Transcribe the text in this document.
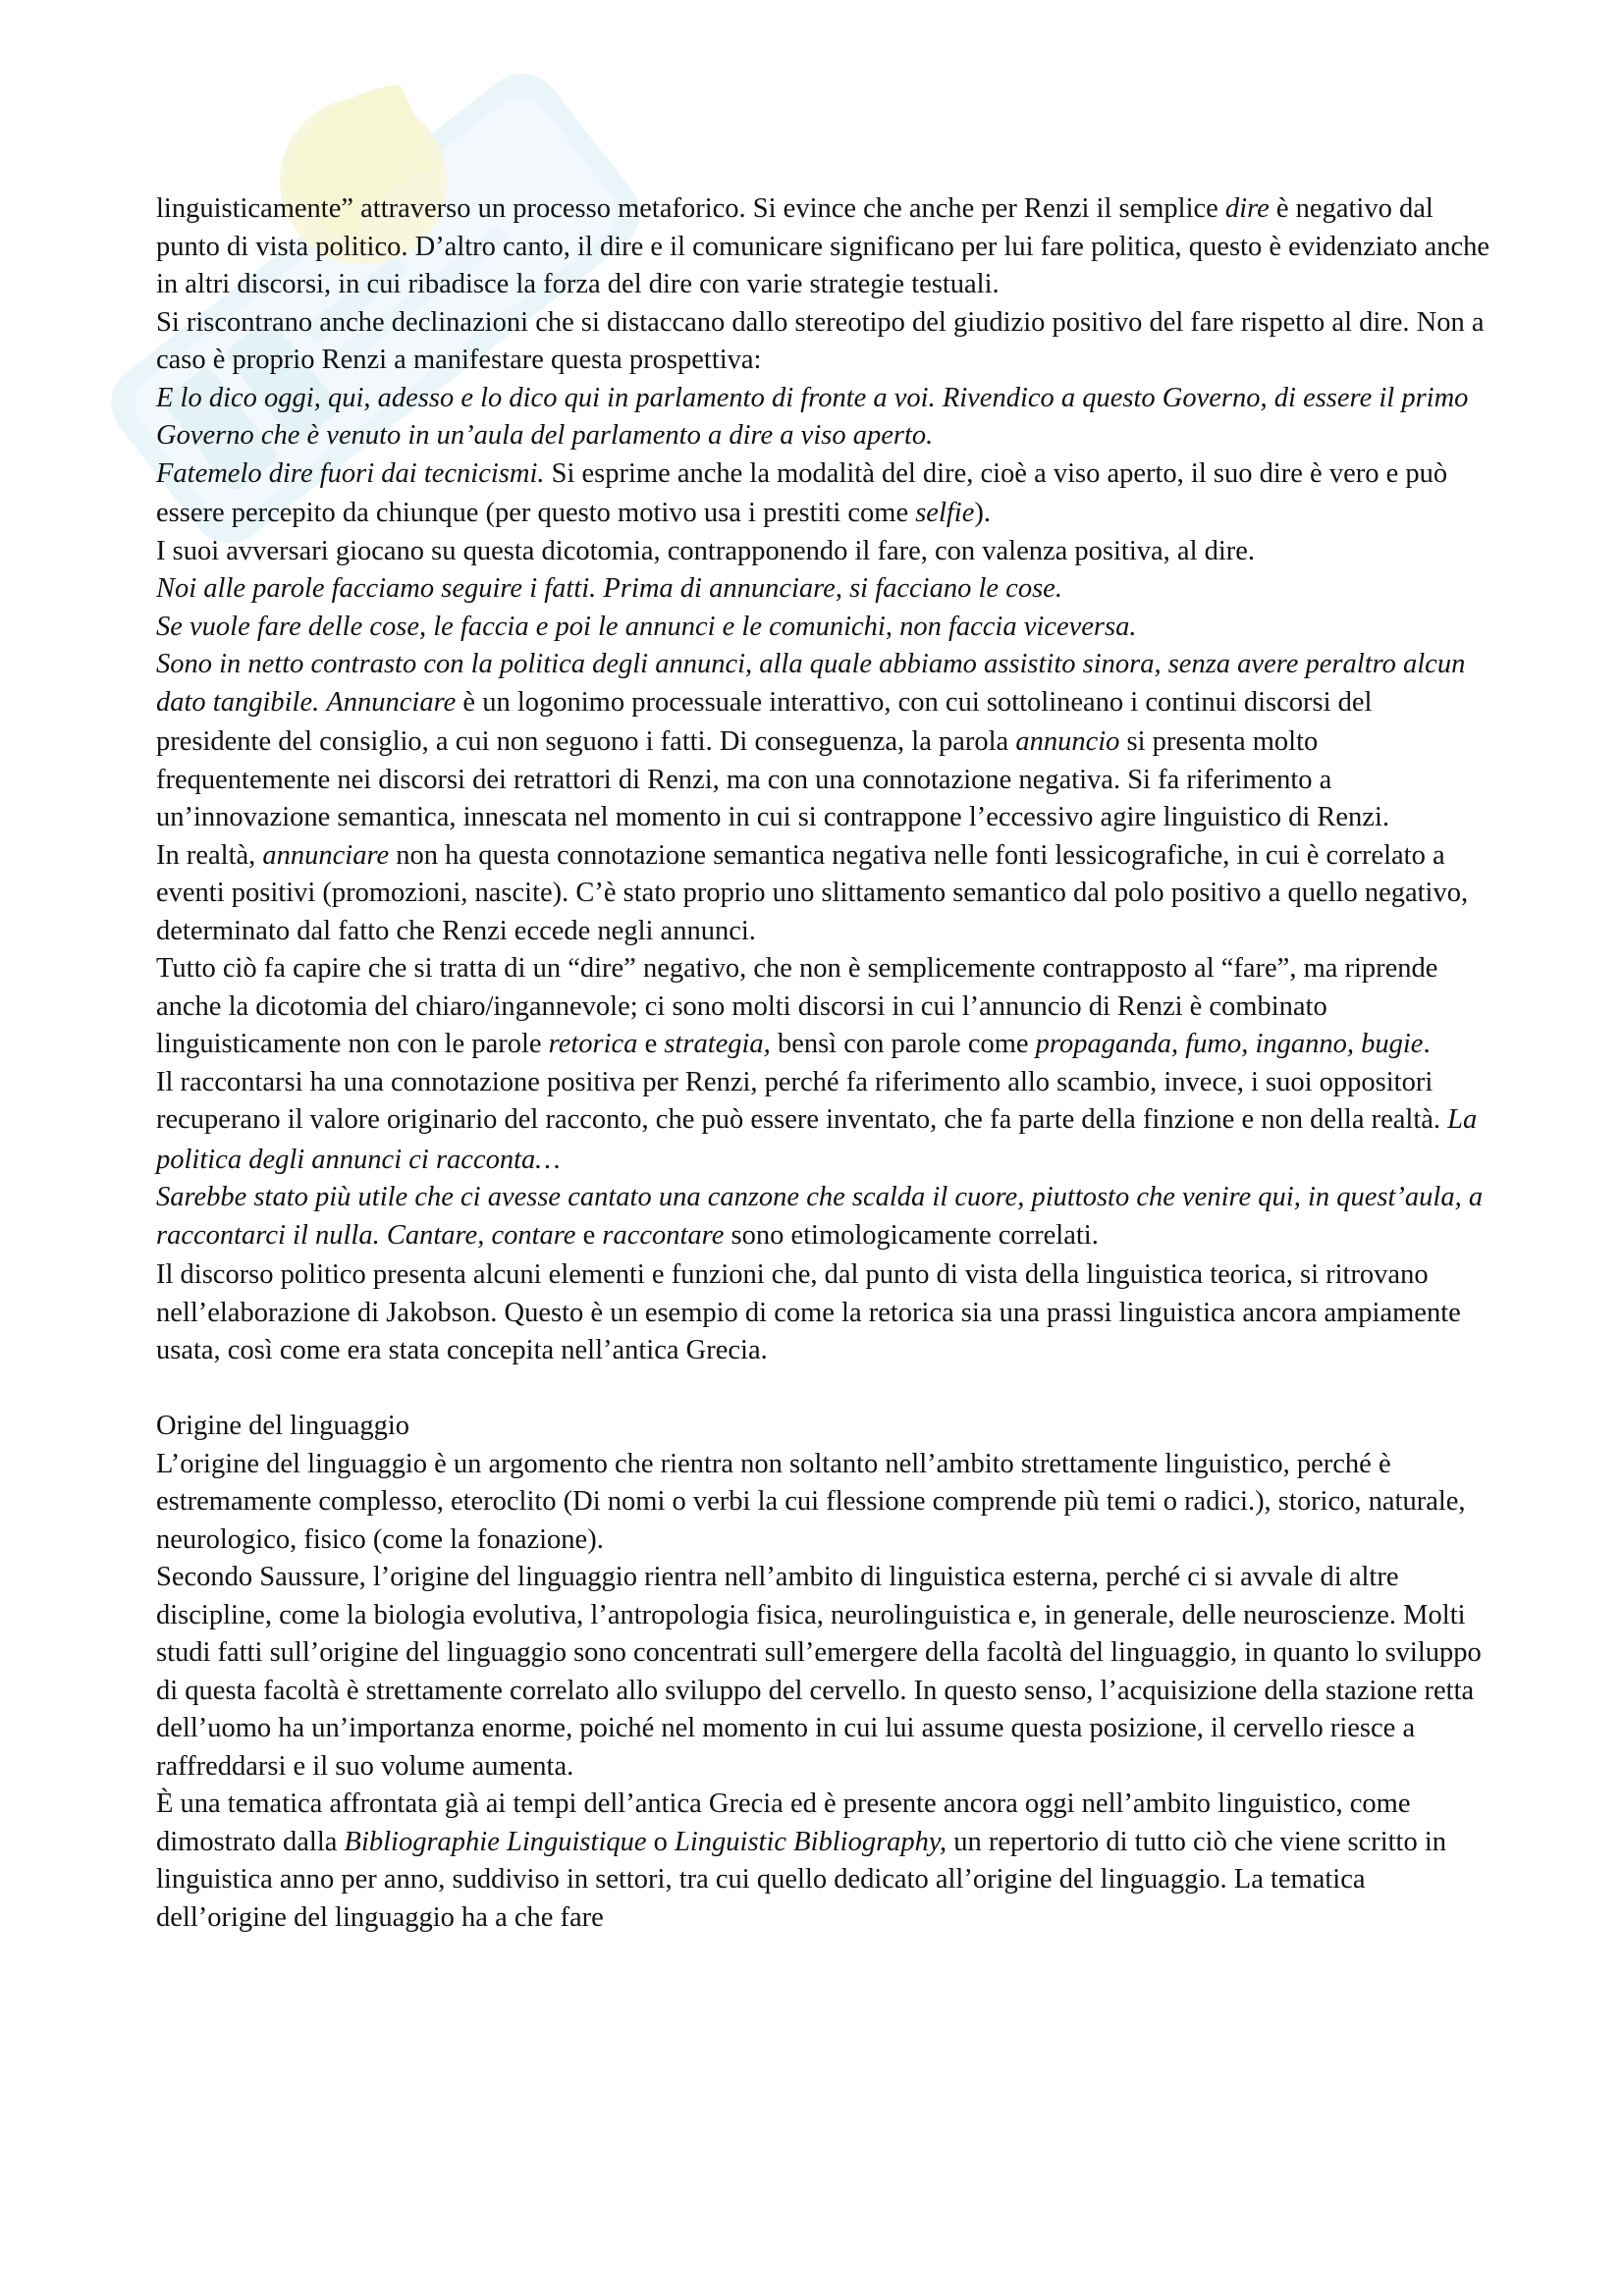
linguisticamente” attraverso un processo metaforico. Si evince che anche per Renzi il semplice dire è negativo dal punto di vista politico. D’altro canto, il dire e il comunicare significano per lui fare politica, questo è evidenziato anche in altri discorsi, in cui ribadisce la forza del dire con varie strategie testuali.

Si riscontrano anche declinazioni che si distaccano dallo stereotipo del giudizio positivo del fare rispetto al dire. Non a caso è proprio Renzi a manifestare questa prospettiva:

E lo dico oggi, qui, adesso e lo dico qui in parlamento di fronte a voi. Rivendico a questo Governo, di essere il primo Governo che è venuto in un’aula del parlamento a dire a viso aperto.

Fatemelo dire fuori dai tecnicismi. Si esprime anche la modalità del dire, cioè a viso aperto, il suo dire è vero e può essere percepito da chiunque (per questo motivo usa i prestiti come selfie).

I suoi avversari giocano su questa dicotomia, contrapponendo il fare, con valenza positiva, al dire.

Noi alle parole facciamo seguire i fatti. Prima di annunciare, si facciano le cose.

Se vuole fare delle cose, le faccia e poi le annunci e le comunichi, non faccia viceversa.

Sono in netto contrasto con la politica degli annunci, alla quale abbiamo assistito sinora, senza avere peraltro alcun dato tangibile. Annunciare è un logonimo processuale interattivo, con cui sottolineano i continui discorsi del presidente del consiglio, a cui non seguono i fatti. Di conseguenza, la parola annuncio si presenta molto frequentemente nei discorsi dei retrattori di Renzi, ma con una connotazione negativa. Si fa riferimento a un’innovazione semantica, innescata nel momento in cui si contrappone l’eccessivo agire linguistico di Renzi.

In realtà, annunciare non ha questa connotazione semantica negativa nelle fonti lessicografiche, in cui è correlato a eventi positivi (promozioni, nascite). C’è stato proprio uno slittamento semantico dal polo positivo a quello negativo, determinato dal fatto che Renzi eccede negli annunci.

Tutto ciò fa capire che si tratta di un “dire” negativo, che non è semplicemente contrapposto al “fare”, ma riprende anche la dicotomia del chiaro/ingannevole; ci sono molti discorsi in cui l’annuncio di Renzi è combinato linguisticamente non con le parole retorica e strategia, bensì con parole come propaganda, fumo, inganno, bugie.

Il raccontarsi ha una connotazione positiva per Renzi, perché fa riferimento allo scambio, invece, i suoi oppositori recuperano il valore originario del racconto, che può essere inventato, che fa parte della finzione e non della realtà. La politica degli annunci ci racconta…

Sarebbe stato più utile che ci avesse cantato una canzone che scalda il cuore, piuttosto che venire qui, in quest’aula, a raccontarci il nulla. Cantare, contare e raccontare sono etimologicamente correlati.

Il discorso politico presenta alcuni elementi e funzioni che, dal punto di vista della linguistica teorica, si ritrovano nell’elaborazione di Jakobson. Questo è un esempio di come la retorica sia una prassi linguistica ancora ampiamente usata, così come era stata concepita nell’antica Grecia.

Origine del linguaggio

L’origine del linguaggio è un argomento che rientra non soltanto nell’ambito strettamente linguistico, perché è estremamente complesso, eteroclito (Di nomi o verbi la cui flessione comprende più temi o radici.), storico, naturale, neurologico, fisico (come la fonazione).

Secondo Saussure, l’origine del linguaggio rientra nell’ambito di linguistica esterna, perché ci si avvale di altre discipline, come la biologia evolutiva, l’antropologia fisica, neurolinguistica e, in generale, delle neuroscienze. Molti studi fatti sull’origine del linguaggio sono concentrati sull’emergere della facoltà del linguaggio, in quanto lo sviluppo di questa facoltà è strettamente correlato allo sviluppo del cervello. In questo senso, l’acquisizione della stazione retta dell’uomo ha un’importanza enorme, poiché nel momento in cui lui assume questa posizione, il cervello riesce a raffreddarsi e il suo volume aumenta.

È una tematica affrontata già ai tempi dell’antica Grecia ed è presente ancora oggi nell’ambito linguistico, come dimostrato dalla Bibliographie Linguistique o Linguistic Bibliography, un repertorio di tutto ciò che viene scritto in linguistica anno per anno, suddiviso in settori, tra cui quello dedicato all’origine del linguaggio. La tematica dell’origine del linguaggio ha a che fare
